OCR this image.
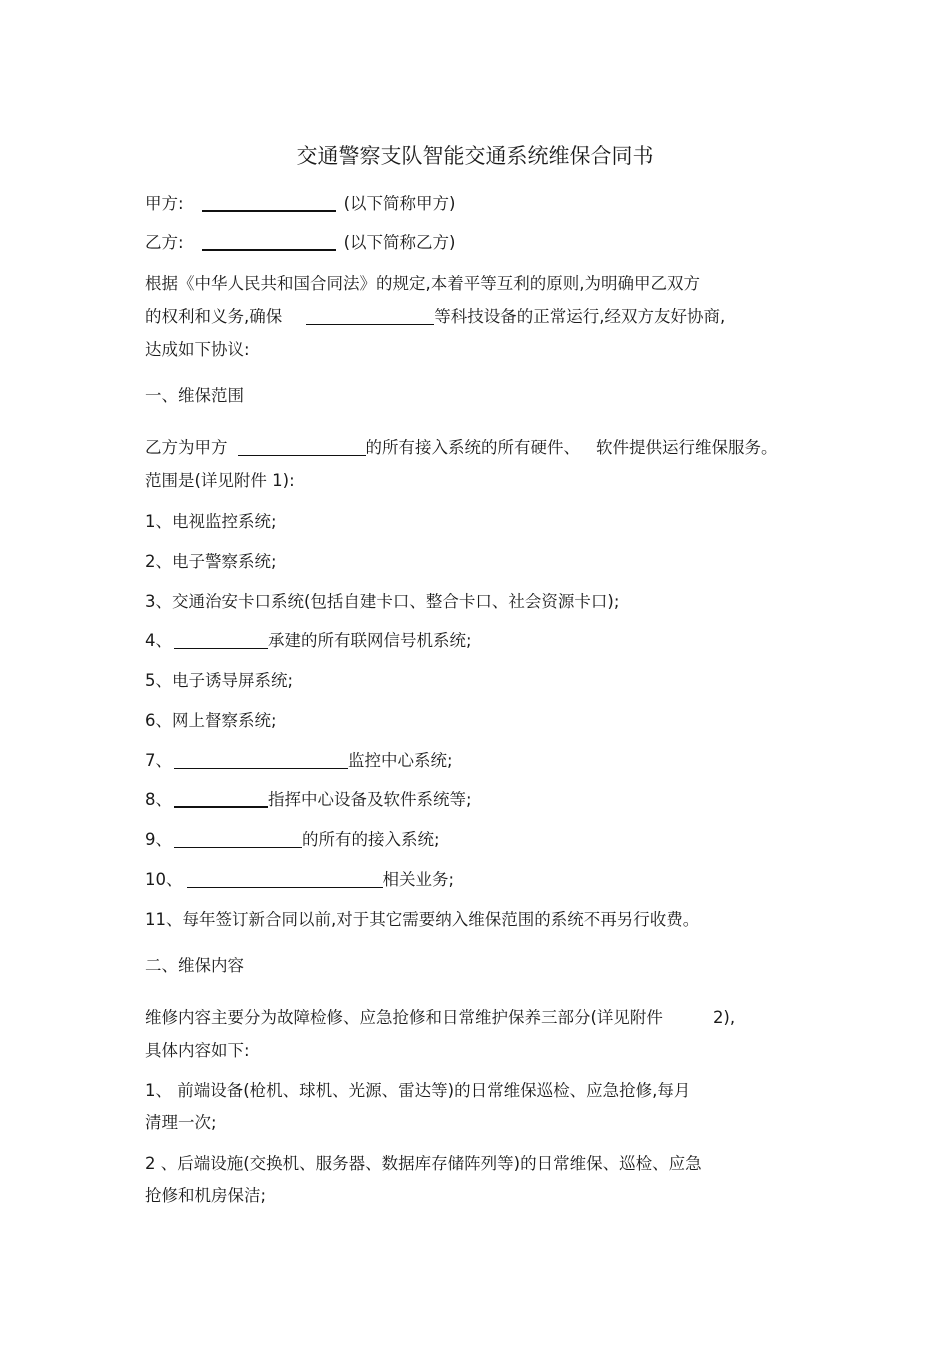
交通警察支队智能交通系统维保合同书
甲方:	(以下简称甲方)
乙方:	(以下简称乙方)
根据《中华人民共和国合同法》的规定,本着平等互利的原则,为明确甲乙双方
的权利和义务,确保	等科技设备的正常运行,经双方友好协商,
达成如下协议:
一、维保范围
乙方为甲方	的所有接入系统的所有硬件、 软件提供运行维保服务。
范围是(详见附件 1):
1、电视监控系统;
2、电子警察系统;
3、交通治安卡口系统(包括自建卡口、整合卡口、社会资源卡口);
4、	承建的所有联网信号机系统;
5、电子诱导屏系统;
6、网上督察系统;
7、	监控中心系统;
8、	指挥中心设备及软件系统等;
9、	的所有的接入系统;
10、	相关业务;
11、每年签订新合同以前,对于其它需要纳入维保范围的系统不再另行收费。
二、维保内容
维修内容主要分为故障检修、应急抢修和日常维护保养三部分(详见附件	2),
具体内容如下:
1、 前端设备(枪机、球机、光源、雷达等)的日常维保巡检、应急抢修,每月
清理一次;
2 、后端设施(交换机、服务器、数据库存储阵列等)的日常维保、巡检、应急
抢修和机房保洁;
